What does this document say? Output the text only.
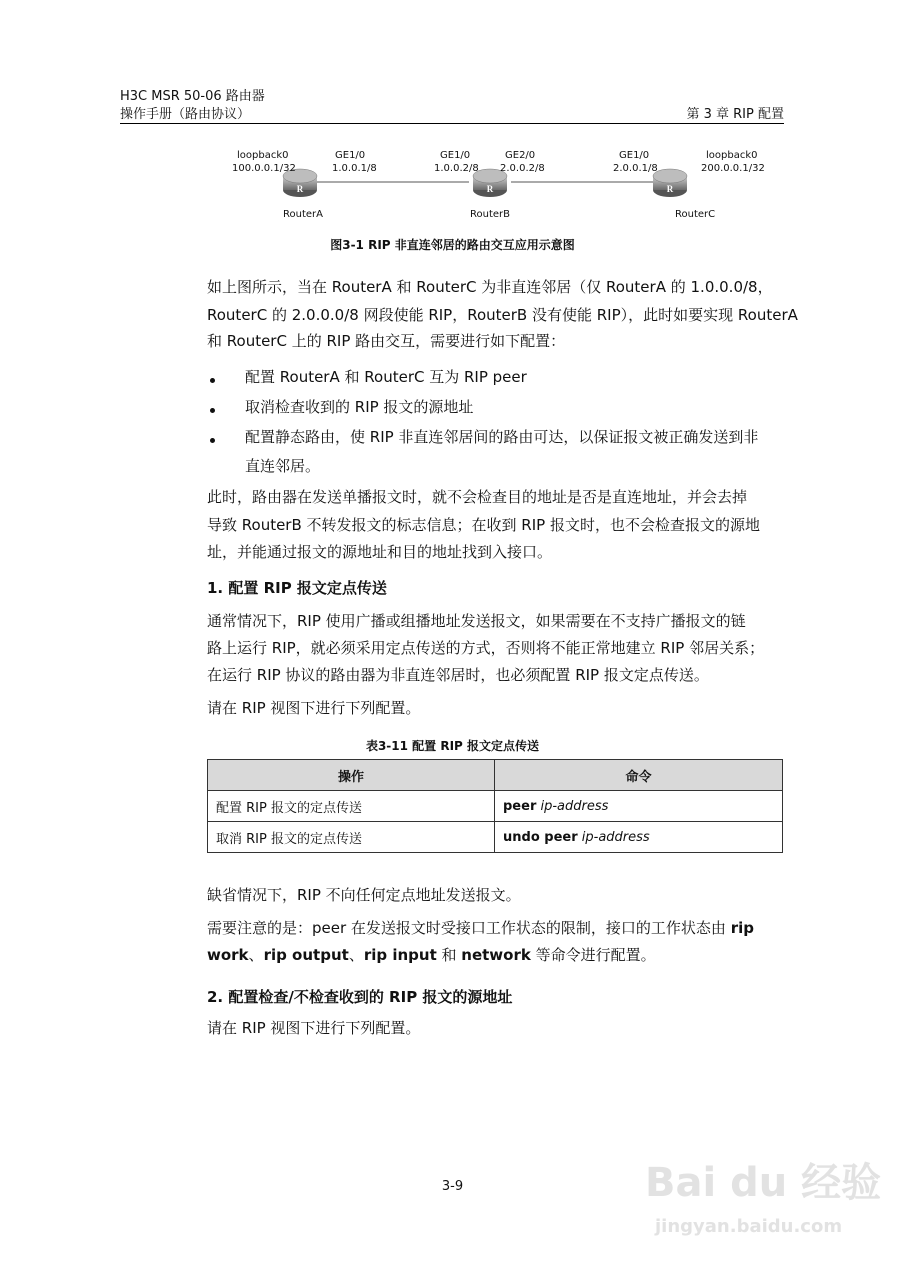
H3C MSR 50-06 路由器
操作手册（路由协议）	第 3 章 RIP 配置
R	R	R
loopback0
100.0.0.1/32
GE1/0
1.0.0.1/8
RouterA
GE1/0
1.0.0.2/8
GE2/0
2.0.0.2/8
RouterB
GE1/0
2.0.0.1/8
loopback0
200.0.0.1/32
RouterC
图3-1 RIP 非直连邻居的路由交互应用示意图
如上图所示，当在 RouterA 和 RouterC 为非直连邻居（仅 RouterA 的 1.0.0.0/8，
RouterC 的 2.0.0.0/8 网段使能 RIP，RouterB 没有使能 RIP），此时如要实现 RouterA
和 RouterC 上的 RIP 路由交互，需要进行如下配置：
配置 RouterA 和 RouterC 互为 RIP peer
取消检查收到的 RIP 报文的源地址
配置静态路由，使 RIP 非直连邻居间的路由可达，以保证报文被正确发送到非
直连邻居。
此时，路由器在发送单播报文时，就不会检查目的地址是否是直连地址，并会去掉
导致 RouterB 不转发报文的标志信息；在收到 RIP 报文时，也不会检查报文的源地
址，并能通过报文的源地址和目的地址找到入接口。
1. 配置 RIP 报文定点传送
通常情况下，RIP 使用广播或组播地址发送报文，如果需要在不支持广播报文的链
路上运行 RIP，就必须采用定点传送的方式，否则将不能正常地建立 RIP 邻居关系；
在运行 RIP 协议的路由器为非直连邻居时，也必须配置 RIP 报文定点传送。
请在 RIP 视图下进行下列配置。
表3-11 配置 RIP 报文定点传送
操作	命令
配置 RIP 报文的定点传送	peer ip-address
取消 RIP 报文的定点传送	undo peer ip-address
缺省情况下，RIP 不向任何定点地址发送报文。
需要注意的是：peer 在发送报文时受接口工作状态的限制，接口的工作状态由 rip
work、rip output、rip input 和 network 等命令进行配置。
2. 配置检查/不检查收到的 RIP 报文的源地址
请在 RIP 视图下进行下列配置。
3-9	Bai du 经验
jingyan.baidu.com
